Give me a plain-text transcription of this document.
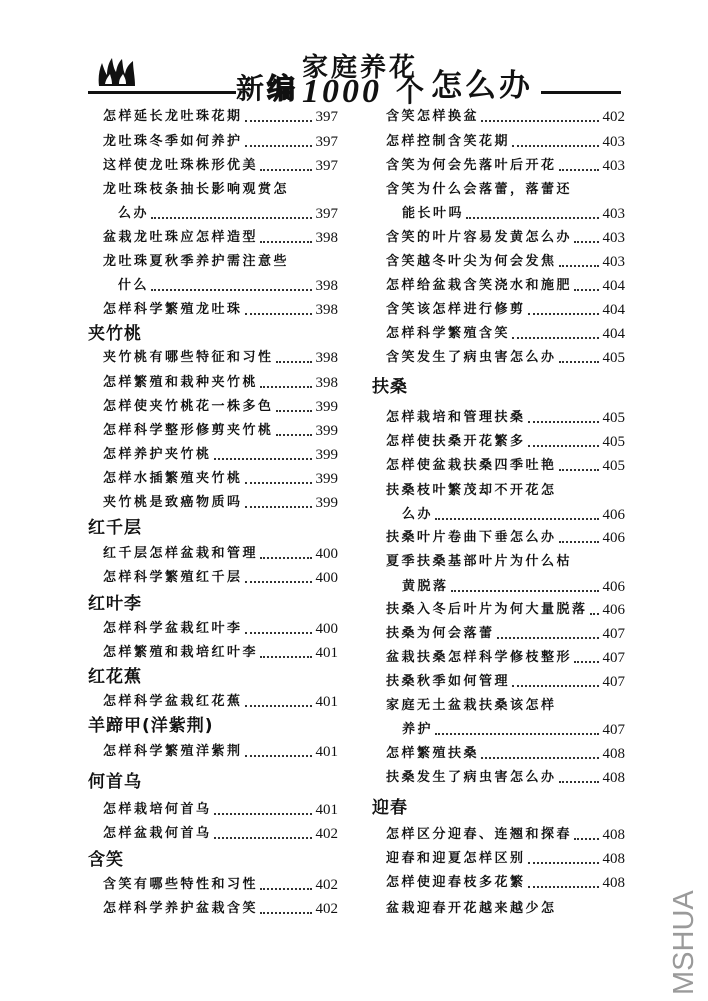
新 编
家庭养花
1000 个 怎么办
怎样延长龙吐珠花期	397
龙吐珠冬季如何养护	397
这样使龙吐珠株形优美	397
龙吐珠枝条抽长影响观赏怎
么办	397
盆栽龙吐珠应怎样造型	398
龙吐珠夏秋季养护需注意些
什么	398
怎样科学繁殖龙吐珠	398
夹竹桃
夹竹桃有哪些特征和习性	398
怎样繁殖和栽种夹竹桃	398
怎样使夹竹桃花一株多色	399
怎样科学整形修剪夹竹桃	399
怎样养护夹竹桃	399
怎样水插繁殖夹竹桃	399
夹竹桃是致癌物质吗	399
红千层
红千层怎样盆栽和管理	400
怎样科学繁殖红千层	400
红叶李
怎样科学盆栽红叶李	400
怎样繁殖和栽培红叶李	401
红花蕉
怎样科学盆栽红花蕉	401
羊蹄甲(洋紫荆)
怎样科学繁殖洋紫荆	401
何首乌
怎样栽培何首乌	401
怎样盆栽何首乌	402
含笑
含笑有哪些特性和习性	402
怎样科学养护盆栽含笑	402
含笑怎样换盆	402
怎样控制含笑花期	403
含笑为何会先落叶后开花	403
含笑为什么会落蕾，落蕾还
能长叶吗	403
含笑的叶片容易发黄怎么办 403
含笑越冬叶尖为何会发焦	403
怎样给盆栽含笑浇水和施肥 404
含笑该怎样进行修剪	404
怎样科学繁殖含笑	404
含笑发生了病虫害怎么办	405
扶桑
怎样栽培和管理扶桑	405
怎样使扶桑开花繁多	405
怎样使盆栽扶桑四季吐艳	405
扶桑枝叶繁茂却不开花怎
么办	406
扶桑叶片卷曲下垂怎么办	406
夏季扶桑基部叶片为什么枯
黄脱落	406
扶桑入冬后叶片为何大量脱落 406
扶桑为何会落蕾	407
盆栽扶桑怎样科学修枝整形 407
扶桑秋季如何管理	407
家庭无土盆栽扶桑该怎样
养护	407
怎样繁殖扶桑	408
扶桑发生了病虫害怎么办	408
迎春
怎样区分迎春、连翘和探春 408
迎春和迎夏怎样区别	408
怎样使迎春枝多花繁	408
盆栽迎春开花越来越少怎	MSHUA
